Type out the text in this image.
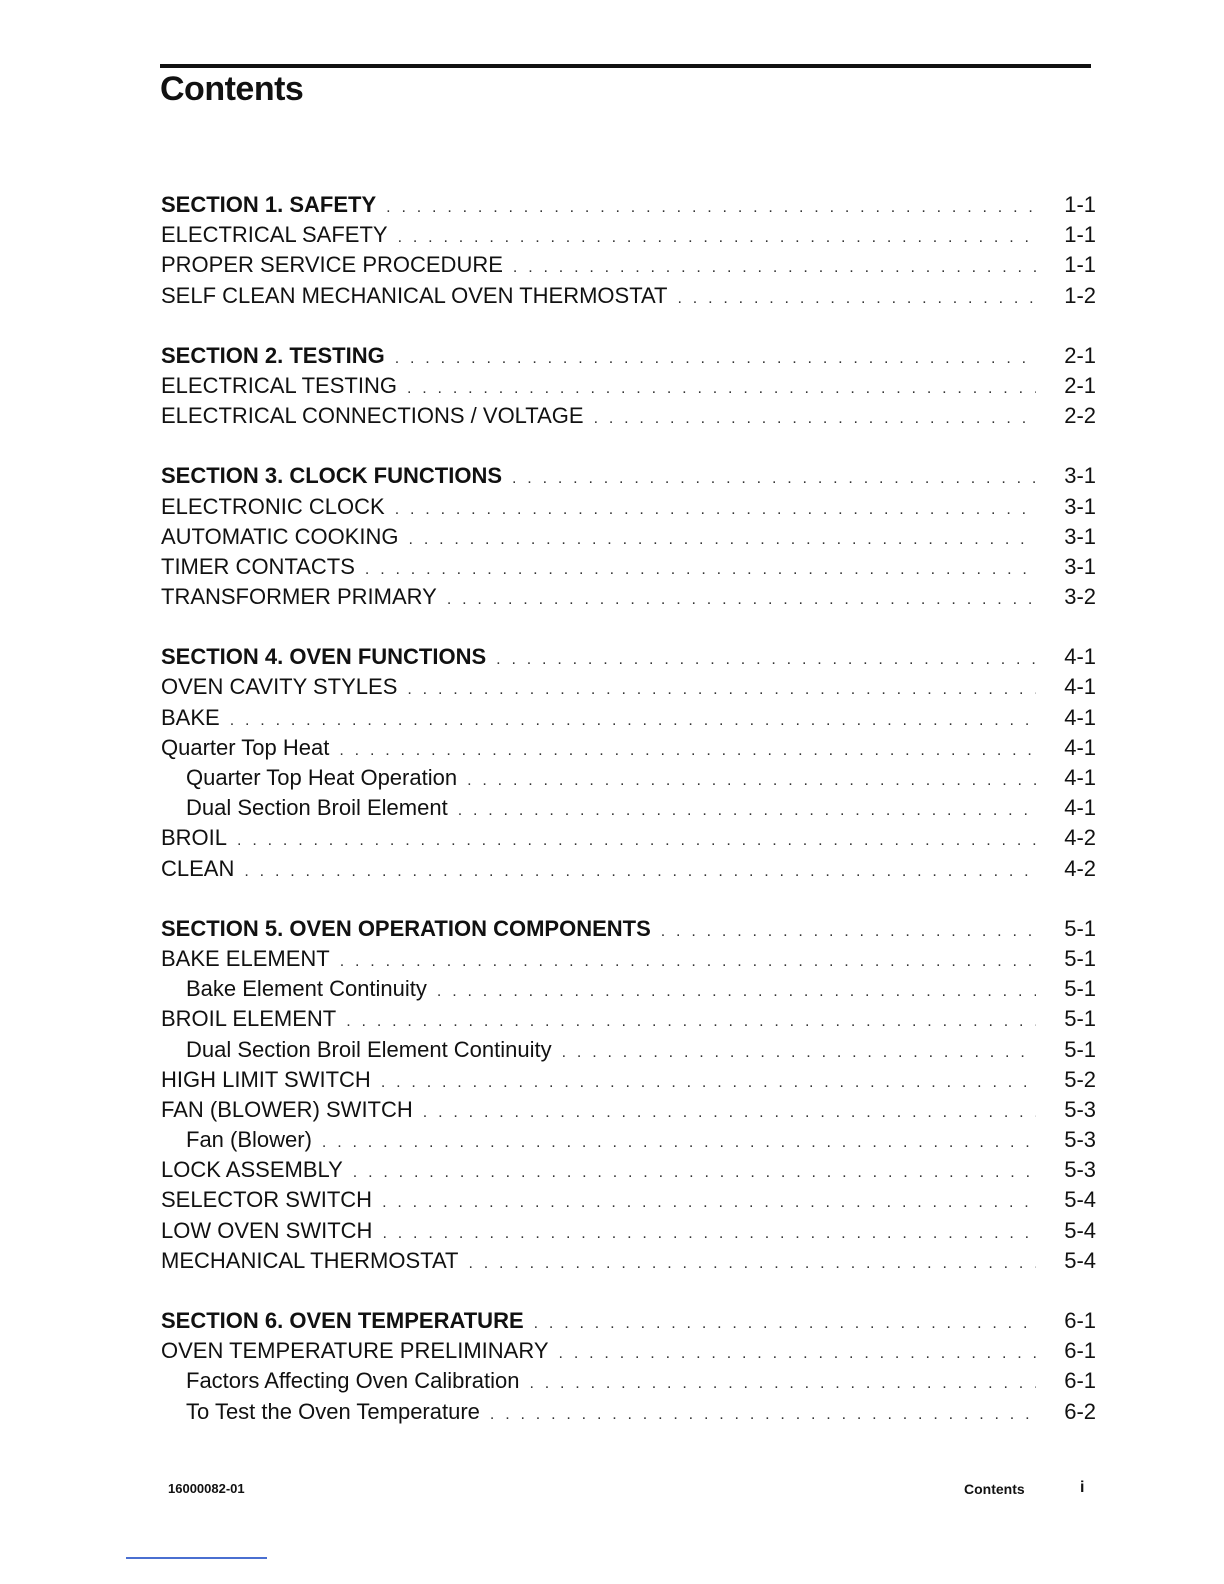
Contents
SECTION 1. SAFETY . . .	1-1
ELECTRICAL SAFETY . . .	1-1
PROPER SERVICE PROCEDURE . . .	1-1
SELF CLEAN MECHANICAL OVEN THERMOSTAT . . .	1-2
SECTION 2. TESTING . . .	2-1
ELECTRICAL TESTING . . .	2-1
ELECTRICAL CONNECTIONS / VOLTAGE . . .	2-2
SECTION 3. CLOCK FUNCTIONS . . .	3-1
ELECTRONIC CLOCK . . .	3-1
AUTOMATIC COOKING . . .	3-1
TIMER CONTACTS . . .	3-1
TRANSFORMER PRIMARY . . .	3-2
SECTION 4. OVEN FUNCTIONS . . .	4-1
OVEN CAVITY STYLES . . .	4-1
BAKE . . .	4-1
Quarter Top Heat . . .	4-1
Quarter Top Heat Operation . . .	4-1
Dual Section Broil Element . . .	4-1
BROIL . . .	4-2
CLEAN . . .	4-2
SECTION 5. OVEN OPERATION COMPONENTS . . .	5-1
BAKE ELEMENT . . .	5-1
Bake Element Continuity . . .	5-1
BROIL ELEMENT . . .	5-1
Dual Section Broil Element Continuity . . .	5-1
HIGH LIMIT SWITCH . . .	5-2
FAN (BLOWER) SWITCH . . .	5-3
Fan (Blower) . . .	5-3
LOCK ASSEMBLY . . .	5-3
SELECTOR SWITCH . . .	5-4
LOW OVEN SWITCH . . .	5-4
MECHANICAL THERMOSTAT . . .	5-4
SECTION 6. OVEN TEMPERATURE . . .	6-1
OVEN TEMPERATURE PRELIMINARY . . .	6-1
Factors Affecting Oven Calibration . . .	6-1
To Test the Oven Temperature . . .	6-2
16000082-01	Contents	i
